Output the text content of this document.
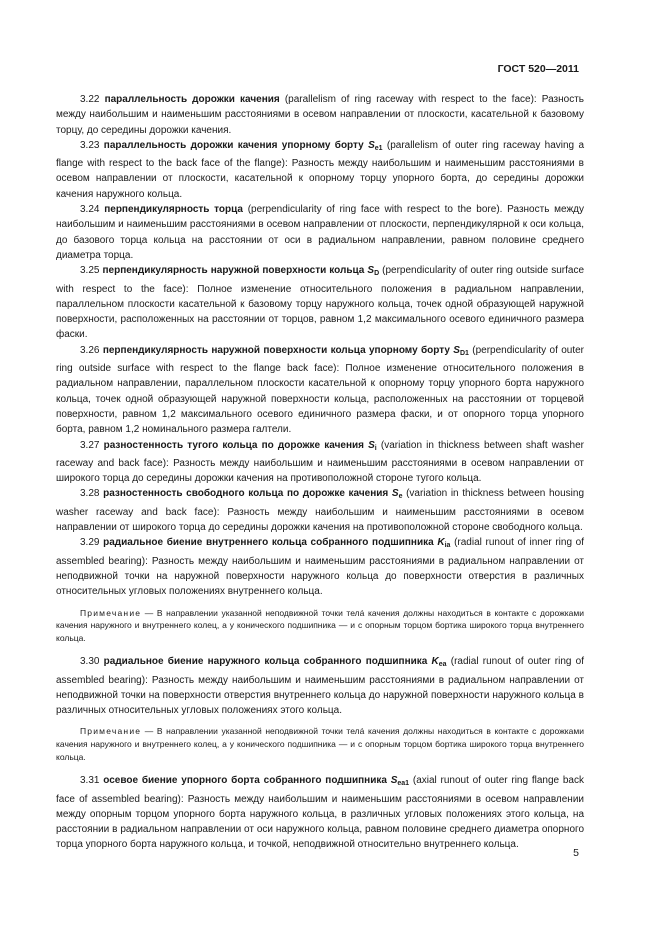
ГОСТ 520—2011

3.22 параллельность дорожки качения (parallelism of ring raceway with respect to the face): Разность между наибольшим и наименьшим расстояниями в осевом направлении от плоскости, касательной к базовому торцу, до середины дорожки качения.

3.23 параллельность дорожки качения упорному борту $S_{e1}$ (parallelism of outer ring raceway having a flange with respect to the back face of the flange): Разность между наибольшим и наименьшим расстояниями в осевом направлении от плоскости, касательной к опорному торцу упорного борта, до середины дорожки качения наружного кольца.

3.24 перпендикулярность торца (perpendicularity of ring face with respect to the bore). Разность между наибольшим и наименьшим расстояниями в осевом направлении от плоскости, перпендикулярной к оси кольца, до базового торца кольца на расстоянии от оси в радиальном направлении, равном половине среднего диаметра торца.

3.25 перпендикулярность наружной поверхности кольца $S_D$ (perpendicularity of outer ring outside surface with respect to the face): Полное изменение относительного положения в радиальном направлении, параллельном плоскости касательной к базовому торцу наружного кольца, точек одной образующей наружной поверхности, расположенных на расстоянии от торцов, равном 1,2 максимального осевого единичного размера фаски.

3.26 перпендикулярность наружной поверхности кольца упорному борту $S_{D1}$ (perpendicularity of outer ring outside surface with respect to the flange back face): Полное изменение относительного положения в радиальном направлении, параллельном плоскости касательной к опорному торцу упорного борта наружного кольца, точек одной образующей наружной поверхности кольца, расположенных на расстоянии от торцевой поверхности, равном 1,2 максимального осевого единичного размера фаски, и от опорного торца упорного борта, равном 1,2 номинального размера галтели.

3.27 разностенность тугого кольца по дорожке качения $S_i$ (variation in thickness between shaft washer raceway and back face): Разность между наибольшим и наименьшим расстояниями в осевом направлении от широкого торца до середины дорожки качения на противоположной стороне тугого кольца.

3.28 разностенность свободного кольца по дорожке качения $S_e$ (variation in thickness between housing washer raceway and back face): Разность между наибольшим и наименьшим расстояниями в осевом направлении от широкого торца до середины дорожки качения на противоположной стороне свободного кольца.

3.29 радиальное биение внутреннего кольца собранного подшипника $K_{ia}$ (radial runout of inner ring of assembled bearing): Разность между наибольшим и наименьшим расстояниями в радиальном направлении от неподвижной точки на наружной поверхности наружного кольца до поверхности отверстия в различных относительных угловых положениях внутреннего кольца.

Примечание — В направлении указанной неподвижной точки телá качения должны находиться в контакте с дорожками качения наружного и внутреннего колец, а у конического подшипника — и с опорным торцом бортика широкого торца внутреннего кольца.

3.30 радиальное биение наружного кольца собранного подшипника $K_{ea}$ (radial runout of outer ring of assembled bearing): Разность между наибольшим и наименьшим расстояниями в радиальном направлении от неподвижной точки на поверхности отверстия внутреннего кольца до наружной поверхности наружного кольца в различных относительных угловых положениях этого кольца.

Примечание — В направлении указанной неподвижной точки телá качения должны находиться в контакте с дорожками качения наружного и внутреннего колец, а у конического подшипника — и с опорным торцом бортика широкого торца внутреннего кольца.

3.31 осевое биение упорного борта собранного подшипника $S_{ea1}$ (axial runout of outer ring flange back face of assembled bearing): Разность между наибольшим и наименьшим расстояниями в осевом направлении между опорным торцом упорного борта наружного кольца, в различных угловых положениях этого кольца, на расстоянии в радиальном направлении от оси наружного кольца, равном половине среднего диаметра опорного торца упорного борта наружного кольца, и точкой, неподвижной относительно внутреннего кольца.

5
